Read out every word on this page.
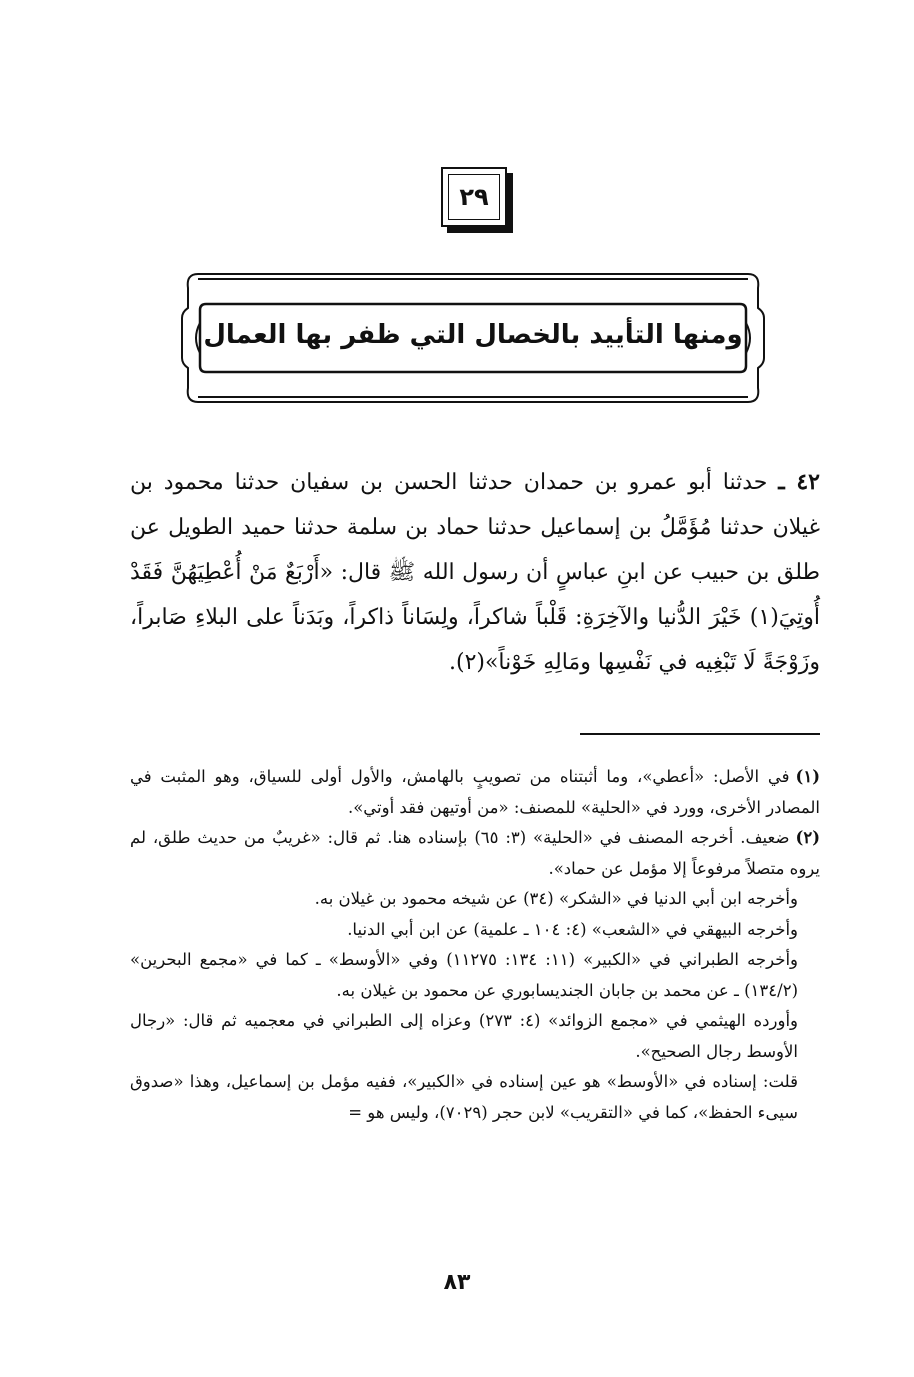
٢٩
ومنها التأييد بالخصال التي ظفر بها العمال

٤٢ ـ حدثنا أبو عمرو بن حمدان حدثنا الحسن بن سفيان حدثنا محمود بن غيلان حدثنا مُؤَمَّلُ بن إسماعيل حدثنا حماد بن سلمة حدثنا حميد الطويل عن طلق بن حبيب عن ابنِ عباسٍ أن رسول الله ﷺ قال: «أَرْبَعٌ مَنْ أُعْطِيَهُنَّ فَقَدْ أُوتِيَ(١) خَيْرَ الدُّنيا والآخِرَةِ: قَلْباً شاكراً، ولِسَاناً ذاكراً، وبَدَناً على البلاءِ صَابراً، وزَوْجَةً لَا تَبْغِيه في نَفْسِها ومَالِهِ خَوْناً»(٢).

(١)في الأصل: «أعطي»، وما أثبتناه من تصويبٍ بالهامش، والأول أولى للسياق، وهو المثبت في المصادر الأخرى، وورد في «الحلية» للمصنف: «من أوتيهن فقد أوتي».

(٢)ضعيف. أخرجه المصنف في «الحلية» (٣: ٦٥) بإسناده هنا. ثم قال: «غريبٌ من حديث طلق، لم يروه متصلاً مرفوعاً إلا مؤمل عن حماد».

وأخرجه ابن أبي الدنيا في «الشكر» (٣٤) عن شيخه محمود بن غيلان به.

وأخرجه البيهقي في «الشعب» (٤: ١٠٤ ـ علمية) عن ابن أبي الدنيا.

وأخرجه الطبراني في «الكبير» (١١: ١٣٤: ١١٢٧٥) وفي «الأوسط» ـ كما في «مجمع البحرين» (١٣٤/٢) ـ عن محمد بن جابان الجنديسابوري عن محمود بن غيلان به.

وأورده الهيثمي في «مجمع الزوائد» (٤: ٢٧٣) وعزاه إلى الطبراني في معجميه ثم قال: «رجال الأوسط رجال الصحيح».

قلت: إسناده في «الأوسط» هو عين إسناده في «الكبير»، ففيه مؤمل بن إسماعيل، وهذا «صدوق سيىء الحفظ»، كما في «التقريب» لابن حجر (٧٠٢٩)، وليس هو =

٨٣
